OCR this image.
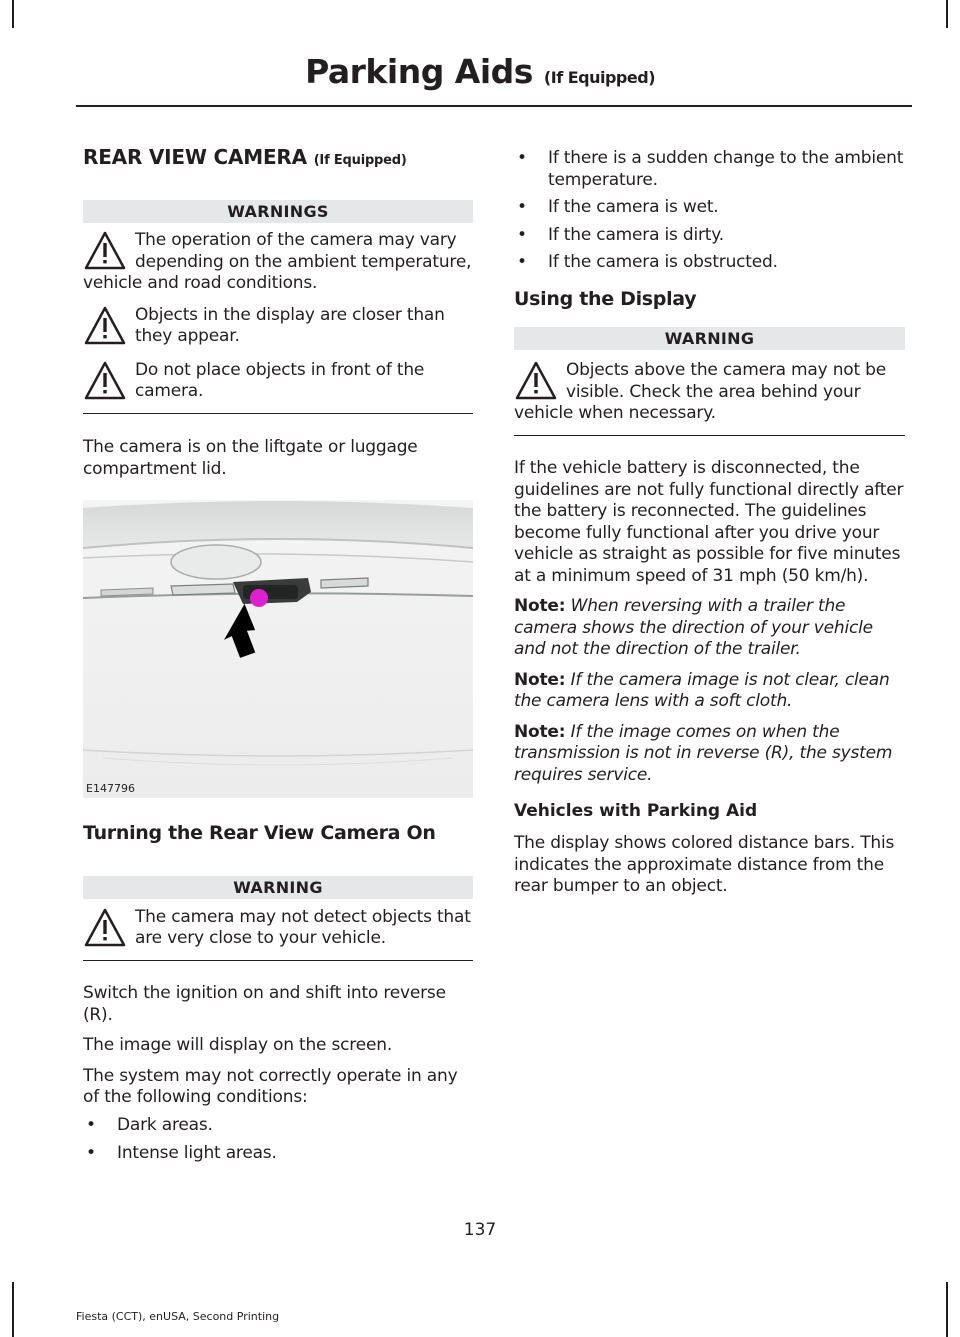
Parking Aids (If Equipped)
REAR VIEW CAMERA (If Equipped)
WARNINGS

The operation of the camera may vary depending on the ambient temperature, vehicle and road conditions.

Objects in the display are closer than they appear.

Do not place objects in front of the camera.

The camera is on the liftgate or luggage compartment lid.

E147796
Turning the Rear View Camera On
WARNING

The camera may not detect objects that are very close to your vehicle.

Switch the ignition on and shift into reverse (R).

The image will display on the screen.

The system may not correctly operate in any of the following conditions:

• Dark areas.
• Intense light areas.
• If there is a sudden change to the ambient temperature.
• If the camera is wet.
• If the camera is dirty.
• If the camera is obstructed.
Using the Display
WARNING

Objects above the camera may not be visible. Check the area behind your vehicle when necessary.

If the vehicle battery is disconnected, the guidelines are not fully functional directly after the battery is reconnected. The guidelines become fully functional after you drive your vehicle as straight as possible for five minutes at a minimum speed of 31 mph (50 km/h).

Note: When reversing with a trailer the camera shows the direction of your vehicle and not the direction of the trailer.

Note: If the camera image is not clear, clean the camera lens with a soft cloth.

Note: If the image comes on when the transmission is not in reverse (R), the system requires service.

Vehicles with Parking Aid

The display shows colored distance bars. This indicates the approximate distance from the rear bumper to an object.

137
Fiesta (CCT), enUSA, Second Printing
